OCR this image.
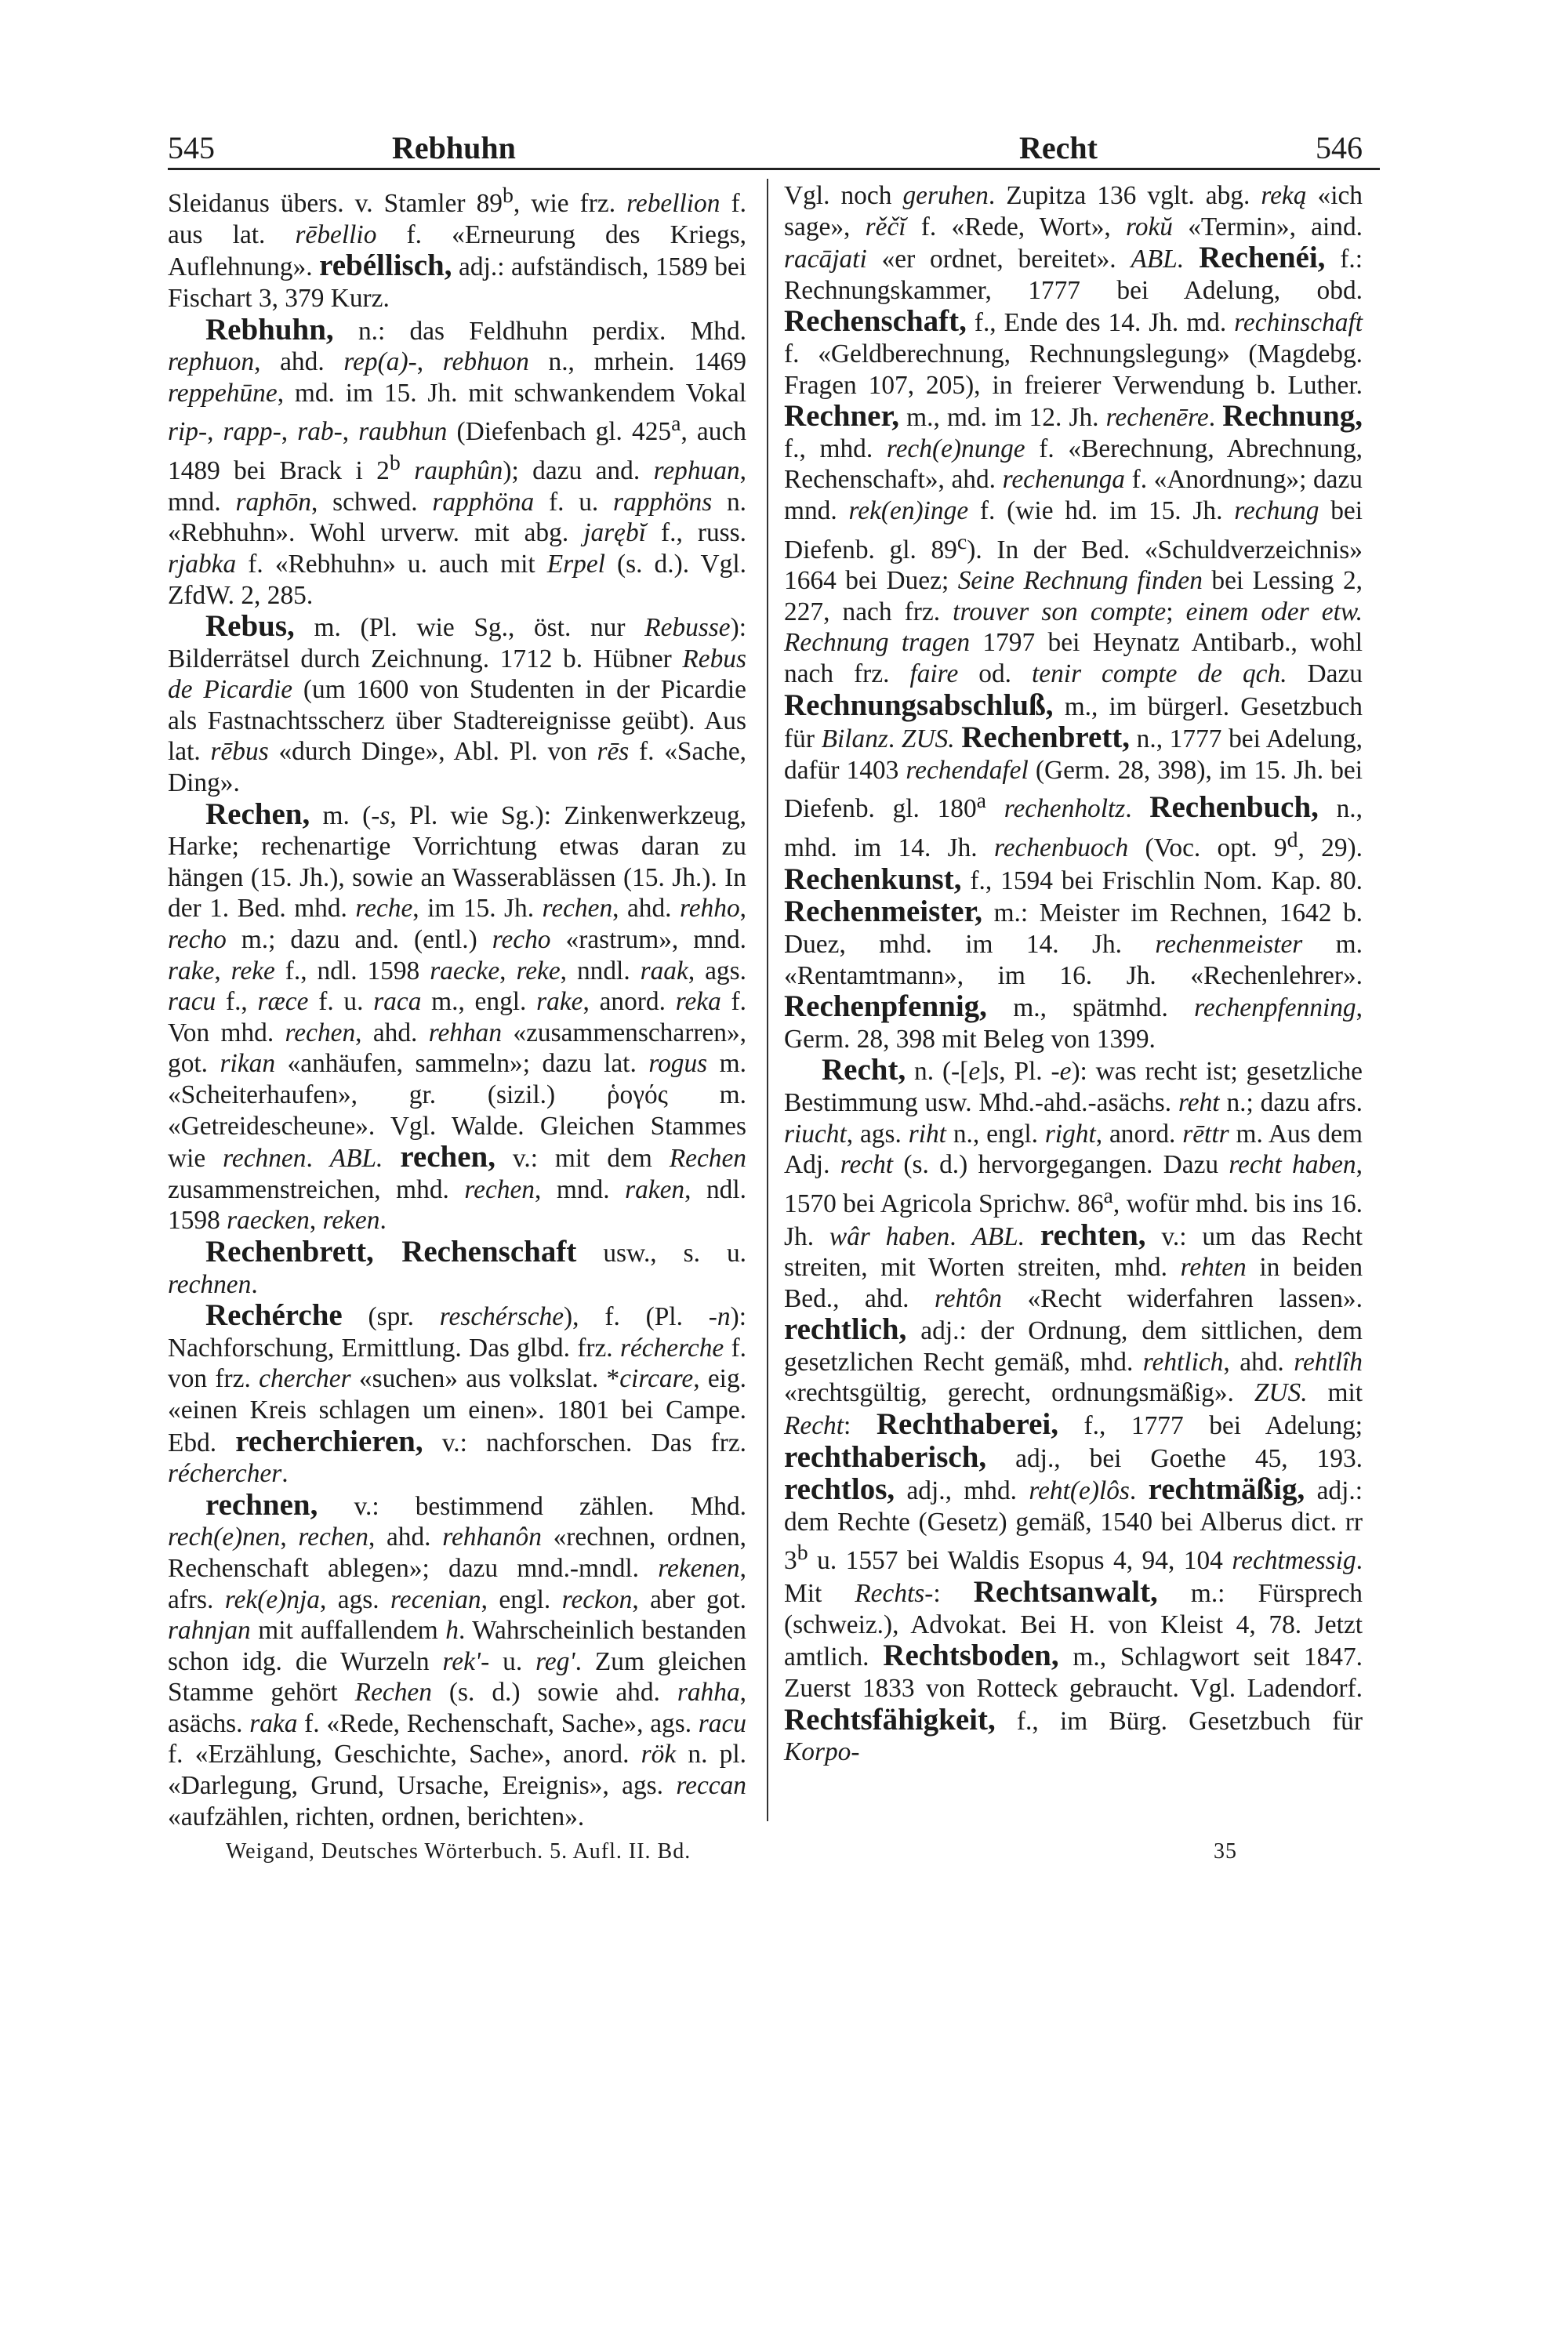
545	Rebhuhn	Recht	546

Sleidanus übers. v. Stamler 89$^b$, wie frz. rebellion f. aus lat. rēbellio f. «Erneurung des Kriegs, Auflehnung». rebéllisch, adj.: aufständisch, 1589 bei Fischart 3, 379 Kurz.

Rebhuhn, n.: das Feldhuhn perdix. Mhd. rephuon, ahd. rep(a)-, rebhuon n., mrhein. 1469 reppehūne, md. im 15. Jh. mit schwankendem Vokal rip-, rapp-, rab-, raubhun (Diefenbach gl. 425$^a$, auch 1489 bei Brack i 2$^b$ rauphûn); dazu and. rephuan, mnd. raphōn, schwed. rapphöna f. u. rapphöns n. «Rebhuhn». Wohl urverw. mit abg. jarębĭ f., russ. rjabka f. «Rebhuhn» u. auch mit Erpel (s. d.). Vgl. ZfdW. 2, 285.

Rebus, m. (Pl. wie Sg., öst. nur Rebusse): Bilderrätsel durch Zeichnung. 1712 b. Hübner Rebus de Picardie (um 1600 von Studenten in der Picardie als Fastnachtsscherz über Stadtereignisse geübt). Aus lat. rēbus «durch Dinge», Abl. Pl. von rēs f. «Sache, Ding».

Rechen, m. (-s, Pl. wie Sg.): Zinkenwerkzeug, Harke; rechenartige Vorrichtung etwas daran zu hängen (15. Jh.), sowie an Wasserablässen (15. Jh.). In der 1. Bed. mhd. reche, im 15. Jh. rechen, ahd. rehho, recho m.; dazu and. (entl.) recho «rastrum», mnd. rake, reke f., ndl. 1598 raecke, reke, nndl. raak, ags. racu f., ræce f. u. raca m., engl. rake, anord. reka f. Von mhd. rechen, ahd. rehhan «zusammenscharren», got. rikan «anhäufen, sammeln»; dazu lat. rogus m. «Scheiterhaufen», gr. (sizil.) ῥογός m. «Getreidescheune». Vgl. Walde. Gleichen Stammes wie rechnen. ABL. rechen, v.: mit dem Rechen zusammenstreichen, mhd. rechen, mnd. raken, ndl. 1598 raecken, reken.

Rechenbrett, Rechenschaft usw., s. u. rechnen.

Rechérche (spr. reschérsche), f. (Pl. -n): Nachforschung, Ermittlung. Das glbd. frz. récherche f. von frz. chercher «suchen» aus volkslat. *circare, eig. «einen Kreis schlagen um einen». 1801 bei Campe. Ebd. recherchieren, v.: nachforschen. Das frz. réchercher.

rechnen, v.: bestimmend zählen. Mhd. rech(e)nen, rechen, ahd. rehhanôn «rechnen, ordnen, Rechenschaft ablegen»; dazu mnd.-mndl. rekenen, afrs. rek(e)nja, ags. recenian, engl. reckon, aber got. rahnjan mit auffallendem h. Wahrscheinlich bestanden schon idg. die Wurzeln rek'- u. reg'. Zum gleichen Stamme gehört Rechen (s. d.) sowie ahd. rahha, asächs. raka f. «Rede, Rechenschaft, Sache», ags. racu f. «Erzählung, Geschichte, Sache», anord. rök n. pl. «Darlegung, Grund, Ursache, Ereignis», ags. reccan «aufzählen, richten, ordnen, berichten».

Vgl. noch geruhen. Zupitza 136 vglt. abg. reką «ich sage», rěčĭ f. «Rede, Wort», rokŭ «Termin», aind. racājati «er ordnet, bereitet». ABL. Rechenéi, f.: Rechnungskammer, 1777 bei Adelung, obd. Rechenschaft, f., Ende des 14. Jh. md. rechinschaft f. «Geldberechnung, Rechnungslegung» (Magdebg. Fragen 107, 205), in freierer Verwendung b. Luther. Rechner, m., md. im 12. Jh. rechenēre. Rechnung, f., mhd. rech(e)nunge f. «Berechnung, Abrechnung, Rechenschaft», ahd. rechenunga f. «Anordnung»; dazu mnd. rek(en)inge f. (wie hd. im 15. Jh. rechung bei Diefenb. gl. 89$^c$). In der Bed. «Schuldverzeichnis» 1664 bei Duez; Seine Rechnung finden bei Lessing 2, 227, nach frz. trouver son compte; einem oder etw. Rechnung tragen 1797 bei Heynatz Antibarb., wohl nach frz. faire od. tenir compte de qch. Dazu Rechnungsabschluß, m., im bürgerl. Gesetzbuch für Bilanz. ZUS. Rechenbrett, n., 1777 bei Adelung, dafür 1403 rechendafel (Germ. 28, 398), im 15. Jh. bei Diefenb. gl. 180$^a$ rechenholtz. Rechenbuch, n., mhd. im 14. Jh. rechenbuoch (Voc. opt. 9$^d$, 29). Rechenkunst, f., 1594 bei Frischlin Nom. Kap. 80. Rechenmeister, m.: Meister im Rechnen, 1642 b. Duez, mhd. im 14. Jh. rechenmeister m. «Rentamtmann», im 16. Jh. «Rechenlehrer». Rechenpfennig, m., spätmhd. rechenpfenning, Germ. 28, 398 mit Beleg von 1399.

Recht, n. (-[e]s, Pl. -e): was recht ist; gesetzliche Bestimmung usw. Mhd.-ahd.-asächs. reht n.; dazu afrs. riucht, ags. riht n., engl. right, anord. rēttr m. Aus dem Adj. recht (s. d.) hervorgegangen. Dazu recht haben, 1570 bei Agricola Sprichw. 86$^a$, wofür mhd. bis ins 16. Jh. wâr haben. ABL. rechten, v.: um das Recht streiten, mit Worten streiten, mhd. rehten in beiden Bed., ahd. rehtôn «Recht widerfahren lassen». rechtlich, adj.: der Ordnung, dem sittlichen, dem gesetzlichen Recht gemäß, mhd. rehtlich, ahd. rehtlîh «rechtsgültig, gerecht, ordnungsmäßig». ZUS. mit Recht: Rechthaberei, f., 1777 bei Adelung; rechthaberisch, adj., bei Goethe 45, 193. rechtlos, adj., mhd. reht(e)lôs. rechtmäßig, adj.: dem Rechte (Gesetz) gemäß, 1540 bei Alberus dict. rr 3$^b$ u. 1557 bei Waldis Esopus 4, 94, 104 rechtmessig. Mit Rechts-: Rechtsanwalt, m.: Fürsprech (schweiz.), Advokat. Bei H. von Kleist 4, 78. Jetzt amtlich. Rechtsboden, m., Schlagwort seit 1847. Zuerst 1833 von Rotteck gebraucht. Vgl. Ladendorf. Rechtsfähigkeit, f., im Bürg. Gesetzbuch für Korpo-

Weigand, Deutsches Wörterbuch. 5. Aufl. II. Bd.	35
